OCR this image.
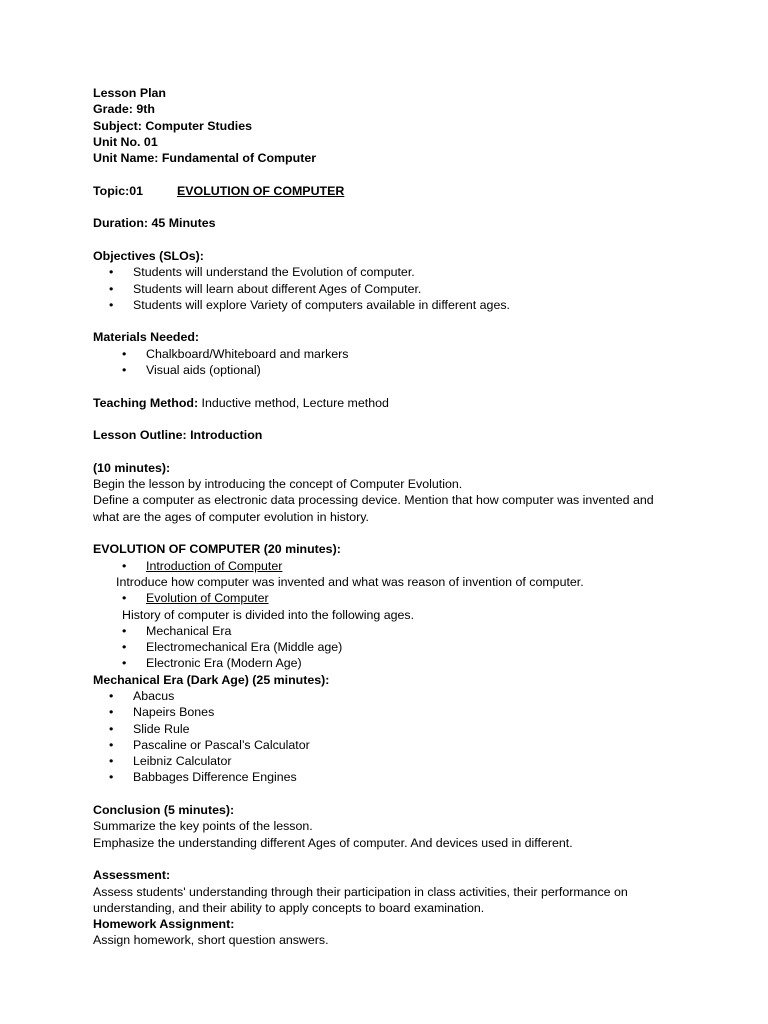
Lesson Plan
Grade: 9th
Subject: Computer Studies
Unit No. 01
Unit Name: Fundamental of Computer
Topic:01	EVOLUTION OF COMPUTER
Duration: 45 Minutes
Objectives (SLOs):
•	Students will understand the Evolution of computer.
•	Students will learn about different Ages of Computer.
•	Students will explore Variety of computers available in different ages.
Materials Needed:
•	Chalkboard/Whiteboard and markers
•	Visual aids (optional)
Teaching Method: Inductive method, Lecture method
Lesson Outline: Introduction
(10 minutes):
Begin the lesson by introducing the concept of Computer Evolution.
Define a computer as electronic data processing device. Mention that how computer was invented and
what are the ages of computer evolution in history.
EVOLUTION OF COMPUTER (20 minutes):
•	Introduction of Computer
Introduce how computer was invented and what was reason of invention of computer.
•	Evolution of Computer
History of computer is divided into the following ages.
•	Mechanical Era
•	Electromechanical Era (Middle age)
•	Electronic Era (Modern Age)
Mechanical Era (Dark Age) (25 minutes):
•	Abacus
•	Napeirs Bones
•	Slide Rule
•	Pascaline or Pascal’s Calculator
•	Leibniz Calculator
•	Babbages Difference Engines
Conclusion (5 minutes):
Summarize the key points of the lesson.
Emphasize the understanding different Ages of computer. And devices used in different.
Assessment:
Assess students' understanding through their participation in class activities, their performance on
understanding, and their ability to apply concepts to board examination.
Homework Assignment:
Assign homework, short question answers.
